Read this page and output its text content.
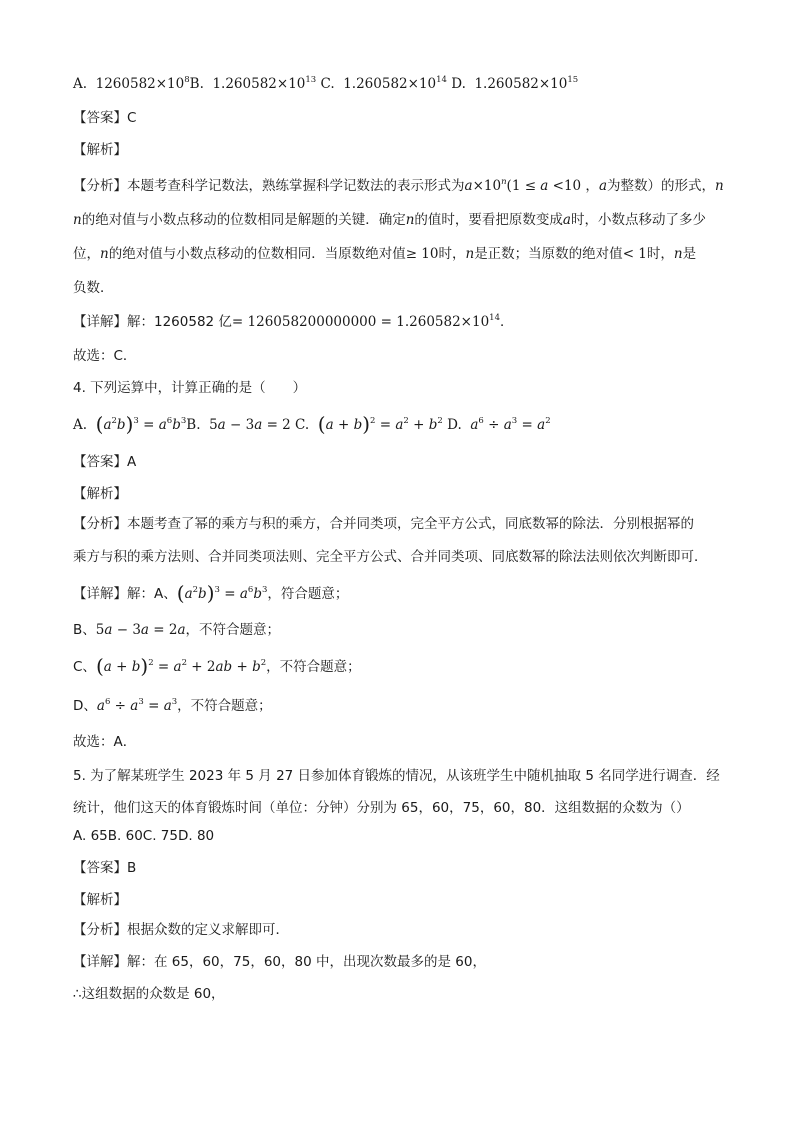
A.  $1260582\times 10^8B$.  $1.260582\times 10^{13}$ C.  $1.260582\times 10^{14}$ D.  $1.260582\times 10^{15}$
【答案】C
【解析】
【分析】本题考查科学记数法，熟练掌握科学记数法的表示形式为$a\times 10^n(1 \le a <10$ ，a为整数）的形式，n
n的绝对值与小数点移动的位数相同是解题的关键．确定n的值时，要看把原数变成a时，小数点移动了多少
位，n的绝对值与小数点移动的位数相同．当原数绝对值≥ 10时，n是正数；当原数的绝对值< 1时，n是
负数．
【详解】解：1260582 亿= $126058200000000 = 1.260582\times 10^{14}$．
故选：C．
4. 下列运算中，计算正确的是（　　）
A.  $(a^2b)^3 = a^6b^3B$.  5a − 3a = 2 C.  $(a + b)^2 = a^2 + b^2$ D.  $a^6 \div a^3 = a^2$
【答案】A
【解析】
【分析】本题考查了幂的乘方与积的乘方，合并同类项，完全平方公式，同底数幂的除法．分别根据幂的
乘方与积的乘方法则、合并同类项法则、完全平方公式、合并同类项、同底数幂的除法法则依次判断即可．
【详解】解：A、$(a^2b)^3 = a^6b^3$，符合题意；
B、5a − 3a = 2a，不符合题意；
C、$(a + b)^2 = a^2 + 2ab + b^2$，不符合题意；
D、$a^6 \div a^3 = a^3$，不符合题意；
故选：A．
5. 为了解某班学生 2023 年 5 月 27 日参加体育锻炼的情况，从该班学生中随机抽取 5 名同学进行调查．经
统计，他们这天的体育锻炼时间（单位：分钟）分别为 65，60，75，60，80．这组数据的众数为（）
A. 65B. 60C. 75D. 80
【答案】B
【解析】
【分析】根据众数的定义求解即可．
【详解】解：在 65，60，75，60，80 中，出现次数最多的是 60，
∴这组数据的众数是 60，
